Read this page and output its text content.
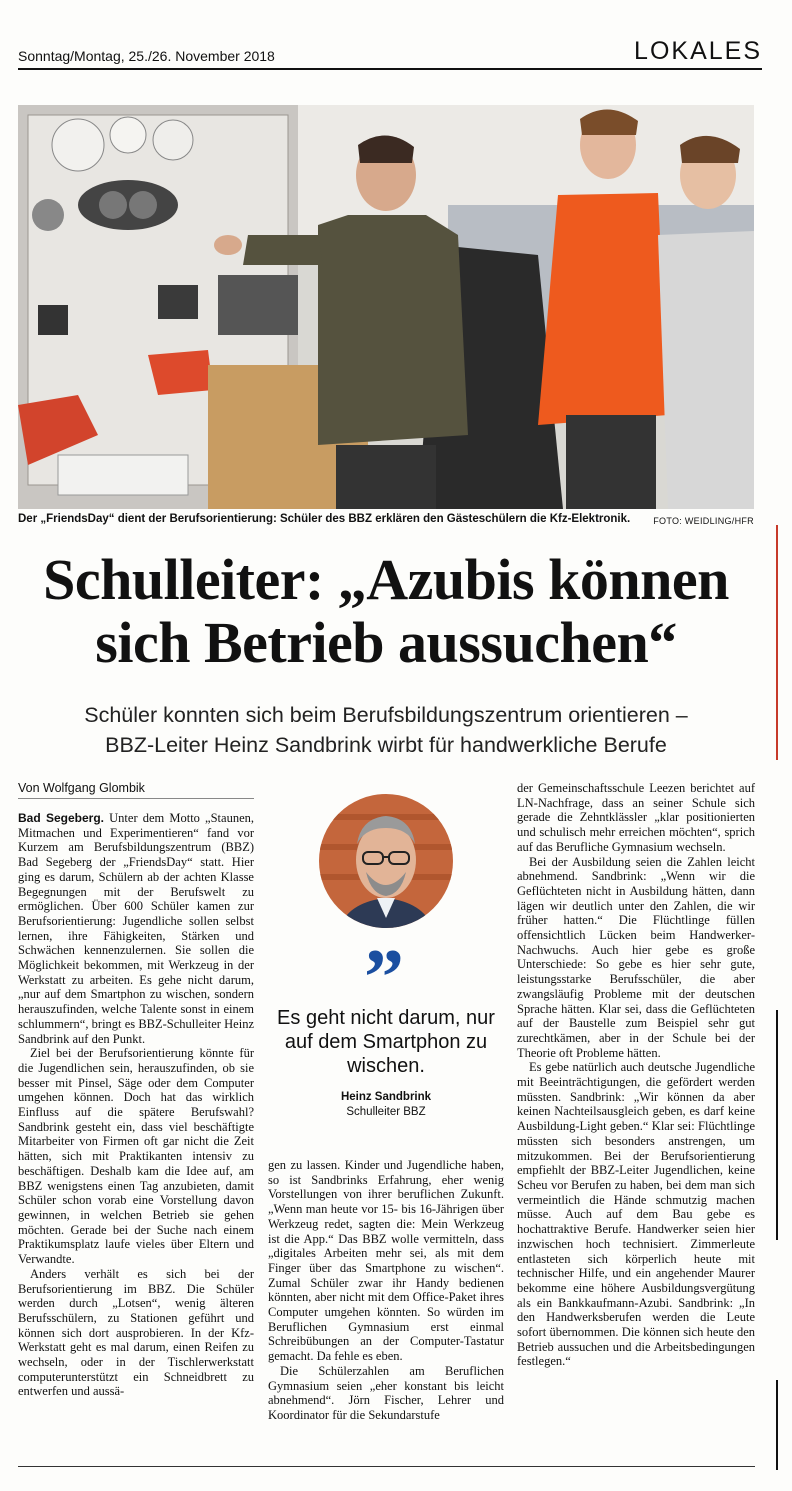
Sonntag/Montag, 25./26. November 2018	LOKALES
Der „FriendsDay“ dient der Berufsorientierung: Schüler des BBZ erklären den Gästeschülern die Kfz-Elektronik.	FOTO: WEIDLING/HFR
Schulleiter: „Azubis können
sich Betrieb aussuchen“
Schüler konnten sich beim Berufsbildungszentrum orientieren –
BBZ-Leiter Heinz Sandbrink wirbt für handwerkliche Berufe
Von Wolfgang Glombik

Bad Segeberg. Unter dem Motto „Staunen, Mitmachen und Experimentieren“ fand vor Kurzem am Berufsbildungszentrum (BBZ) Bad Segeberg der „FriendsDay“ statt. Hier ging es darum, Schülern ab der achten Klasse Begegnungen mit der Berufswelt zu ermöglichen. Über 600 Schüler kamen zur Berufsorientierung: Jugendliche sollen selbst lernen, ihre Fähigkeiten, Stärken und Schwächen kennenzulernen. Sie sollen die Möglichkeit bekommen, mit Werkzeug in der Werkstatt zu arbeiten. Es gehe nicht darum, „nur auf dem Smartphon zu wischen, sondern herauszufinden, welche Talente sonst in einem schlummern“, bringt es BBZ-Schulleiter Heinz Sandbrink auf den Punkt.

Ziel bei der Berufsorientierung könnte für die Jugendlichen sein, herauszufinden, ob sie besser mit Pinsel, Säge oder dem Computer umgehen können. Doch hat das wirklich Einfluss auf die spätere Berufswahl? Sandbrink gesteht ein, dass viel beschäftigte Mitarbeiter von Firmen oft gar nicht die Zeit hätten, sich mit Praktikanten intensiv zu beschäftigen. Deshalb kam die Idee auf, am BBZ wenigstens einen Tag anzubieten, damit Schüler schon vorab eine Vorstellung davon gewinnen, in welchen Betrieb sie gehen möchten. Gerade bei der Suche nach einem Praktikumsplatz laufe vieles über Eltern und Verwandte.

Anders verhält es sich bei der Berufsorientierung im BBZ. Die Schüler werden durch „Lotsen“, wenig älteren Berufsschülern, zu Stationen geführt und können sich dort ausprobieren. In der Kfz-Werkstatt geht es mal darum, einen Reifen zu wechseln, oder in der Tischlerwerkstatt computerunterstützt ein Schneidbrett zu entwerfen und aussä-

”
Es geht nicht darum, nur auf dem Smartphon zu wischen.
Heinz Sandbrink
Schulleiter BBZ

gen zu lassen. Kinder und Jugendliche haben, so ist Sandbrinks Erfahrung, eher wenig Vorstellungen von ihrer beruflichen Zukunft. „Wenn man heute vor 15- bis 16-Jährigen über Werkzeug redet, sagten die: Mein Werkzeug ist die App.“ Das BBZ wolle vermitteln, dass „digitales Arbeiten mehr sei, als mit dem Finger über das Smartphone zu wischen“. Zumal Schüler zwar ihr Handy bedienen könnten, aber nicht mit dem Office-Paket ihres Computer umgehen könnten. So würden im Beruflichen Gymnasium erst einmal Schreibübungen an der Computer-Tastatur gemacht. Da fehle es eben.

Die Schülerzahlen am Beruflichen Gymnasium seien „eher konstant bis leicht abnehmend“. Jörn Fischer, Lehrer und Koordinator für die Sekundarstufe

der Gemeinschaftsschule Leezen berichtet auf LN-Nachfrage, dass an seiner Schule sich gerade die Zehntklässler „klar positionierten und schulisch mehr erreichen möchten“, sprich auf das Berufliche Gymnasium wechseln.

Bei der Ausbildung seien die Zahlen leicht abnehmend. Sandbrink: „Wenn wir die Geflüchteten nicht in Ausbildung hätten, dann lägen wir deutlich unter den Zahlen, die wir früher hatten.“ Die Flüchtlinge füllen offensichtlich Lücken beim Handwerker-Nachwuchs. Auch hier gebe es große Unterschiede: So gebe es hier sehr gute, leistungsstarke Berufsschüler, die aber zwangsläufig Probleme mit der deutschen Sprache hätten. Klar sei, dass die Geflüchteten auf der Baustelle zum Beispiel sehr gut zurechtkämen, aber in der Schule bei der Theorie oft Probleme hätten.

Es gebe natürlich auch deutsche Jugendliche mit Beeinträchtigungen, die gefördert werden müssten. Sandbrink: „Wir können da aber keinen Nachteilsausgleich geben, es darf keine Ausbildung-Light geben.“ Klar sei: Flüchtlinge müssten sich besonders anstrengen, um mitzukommen. Bei der Berufsorientierung empfiehlt der BBZ-Leiter Jugendlichen, keine Scheu vor Berufen zu haben, bei dem man sich vermeintlich die Hände schmutzig machen müsse. Auch auf dem Bau gebe es hochattraktive Berufe. Handwerker seien hier inzwischen hoch technisiert. Zimmerleute entlasteten sich körperlich heute mit technischer Hilfe, und ein angehender Maurer bekomme eine höhere Ausbildungsvergütung als ein Bankkaufmann-Azubi. Sandbrink: „In den Handwerksberufen werden die Leute sofort übernommen. Die können sich heute den Betrieb aussuchen und die Arbeitsbedingungen festlegen.“
